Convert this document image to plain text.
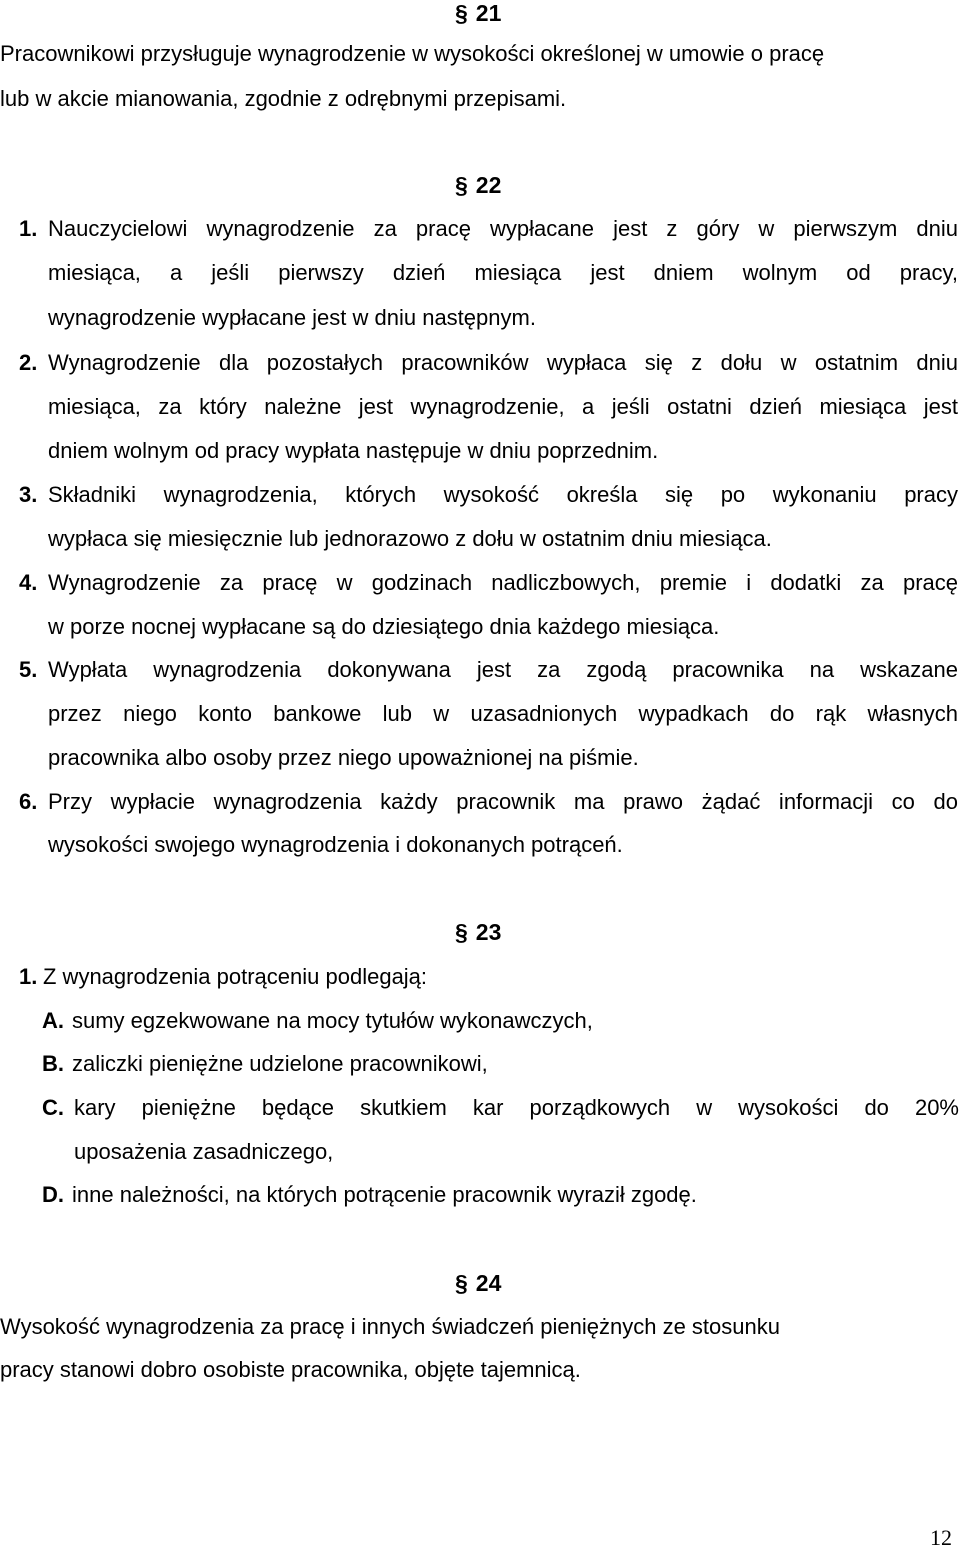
§ 21
Pracownikowi przysługuje wynagrodzenie w wysokości określonej w umowie o pracę
lub w akcie mianowania, zgodnie z odrębnymi przepisami.
§ 22
1. Nauczycielowi wynagrodzenie za pracę wypłacane jest z góry w pierwszym dniu
miesiąca, a jeśli pierwszy dzień miesiąca jest dniem wolnym od pracy,
wynagrodzenie wypłacane jest w dniu następnym.
2. Wynagrodzenie dla pozostałych pracowników wypłaca się z dołu w ostatnim dniu
miesiąca, za który należne jest wynagrodzenie, a jeśli ostatni dzień miesiąca jest
dniem wolnym od pracy wypłata następuje w dniu poprzednim.
3. Składniki wynagrodzenia, których wysokość określa się po wykonaniu pracy
wypłaca się miesięcznie lub jednorazowo z dołu w ostatnim dniu miesiąca.
4. Wynagrodzenie za pracę w godzinach nadliczbowych, premie i dodatki za pracę
w porze nocnej wypłacane są do dziesiątego dnia każdego miesiąca.
5. Wypłata wynagrodzenia dokonywana jest za zgodą pracownika na wskazane
przez niego konto bankowe lub w uzasadnionych wypadkach do rąk własnych
pracownika albo osoby przez niego upoważnionej na piśmie.
6. Przy wypłacie wynagrodzenia każdy pracownik ma prawo żądać informacji co do
wysokości swojego wynagrodzenia i dokonanych potrąceń.
§ 23
1. Z wynagrodzenia potrąceniu podlegają:
A. sumy egzekwowane na mocy tytułów wykonawczych,
B. zaliczki pieniężne udzielone pracownikowi,
C. kary pieniężne będące skutkiem kar porządkowych w wysokości do 20%
uposażenia zasadniczego,
D. inne należności, na których potrącenie pracownik wyraził zgodę.
§ 24
Wysokość wynagrodzenia za pracę i innych świadczeń pieniężnych ze stosunku
pracy stanowi dobro osobiste pracownika, objęte tajemnicą.
12
